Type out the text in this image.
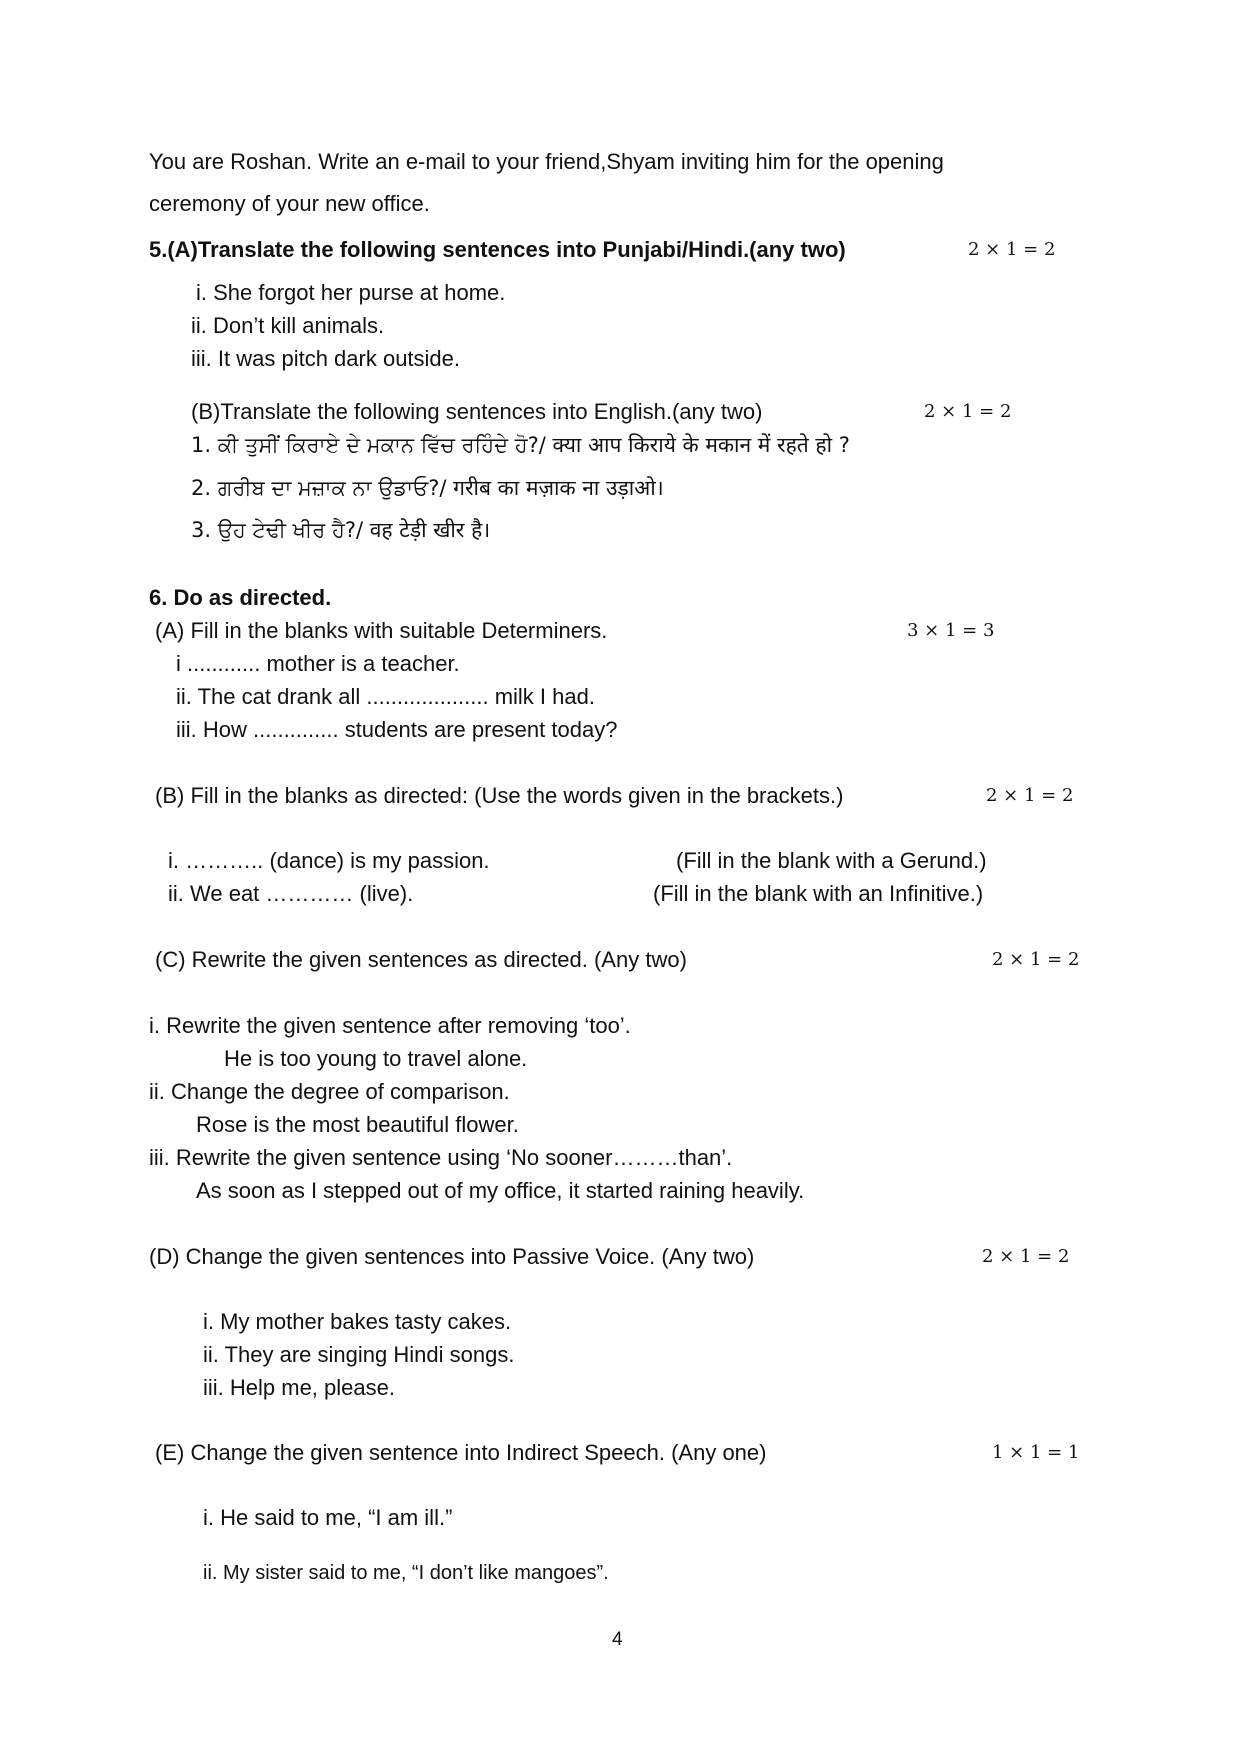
You are Roshan. Write an e-mail to your friend,Shyam inviting him for the opening
ceremony of your new office.
5.(A)Translate the following sentences into Punjabi/Hindi.(any two)	2 × 1 = 2
i. She forgot her purse at home.
ii. Don’t kill animals.
iii. It was pitch dark outside.
(B)Translate the following sentences into English.(any two)	2 × 1 = 2
1. ਕੀ ਤੁਸੀਂ ਕਿਰਾਏ ਦੇ ਮਕਾਨ ਵਿੱਚ ਰਹਿੰਦੇ ਹੋ?/ क्या आप किराये के मकान में रहते हो ?
2. ਗਰੀਬ ਦਾ ਮਜ਼ਾਕ ਨਾ ਉਡਾਓ?/ गरीब का मज़ाक ना उड़ाओ।
3. ਉਹ ਟੇਢੀ ਖੀਰ ਹੈ?/ वह टेड़ी खीर है।
6. Do as directed.
(A) Fill in the blanks with suitable Determiners.	3 × 1 = 3
i ............ mother is a teacher.
ii. The cat drank all .................... milk I had.
iii. How .............. students are present today?
(B) Fill in the blanks as directed: (Use the words given in the brackets.)	2 × 1 = 2
i. ……….. (dance) is my passion.	(Fill in the blank with a Gerund.)
ii. We eat ………… (live).	(Fill in the blank with an Infinitive.)
(C) Rewrite the given sentences as directed. (Any two)	2 × 1 = 2
i. Rewrite the given sentence after removing ‘too’.
He is too young to travel alone.
ii. Change the degree of comparison.
Rose is the most beautiful flower.
iii. Rewrite the given sentence using ‘No sooner………than’.
As soon as I stepped out of my office, it started raining heavily.
(D) Change the given sentences into Passive Voice. (Any two)	2 × 1 = 2
i. My mother bakes tasty cakes.
ii. They are singing Hindi songs.
iii. Help me, please.
(E) Change the given sentence into Indirect Speech. (Any one)	1 × 1 = 1
i. He said to me, “I am ill.”
ii. My sister said to me, “I don’t like mangoes”.
4
